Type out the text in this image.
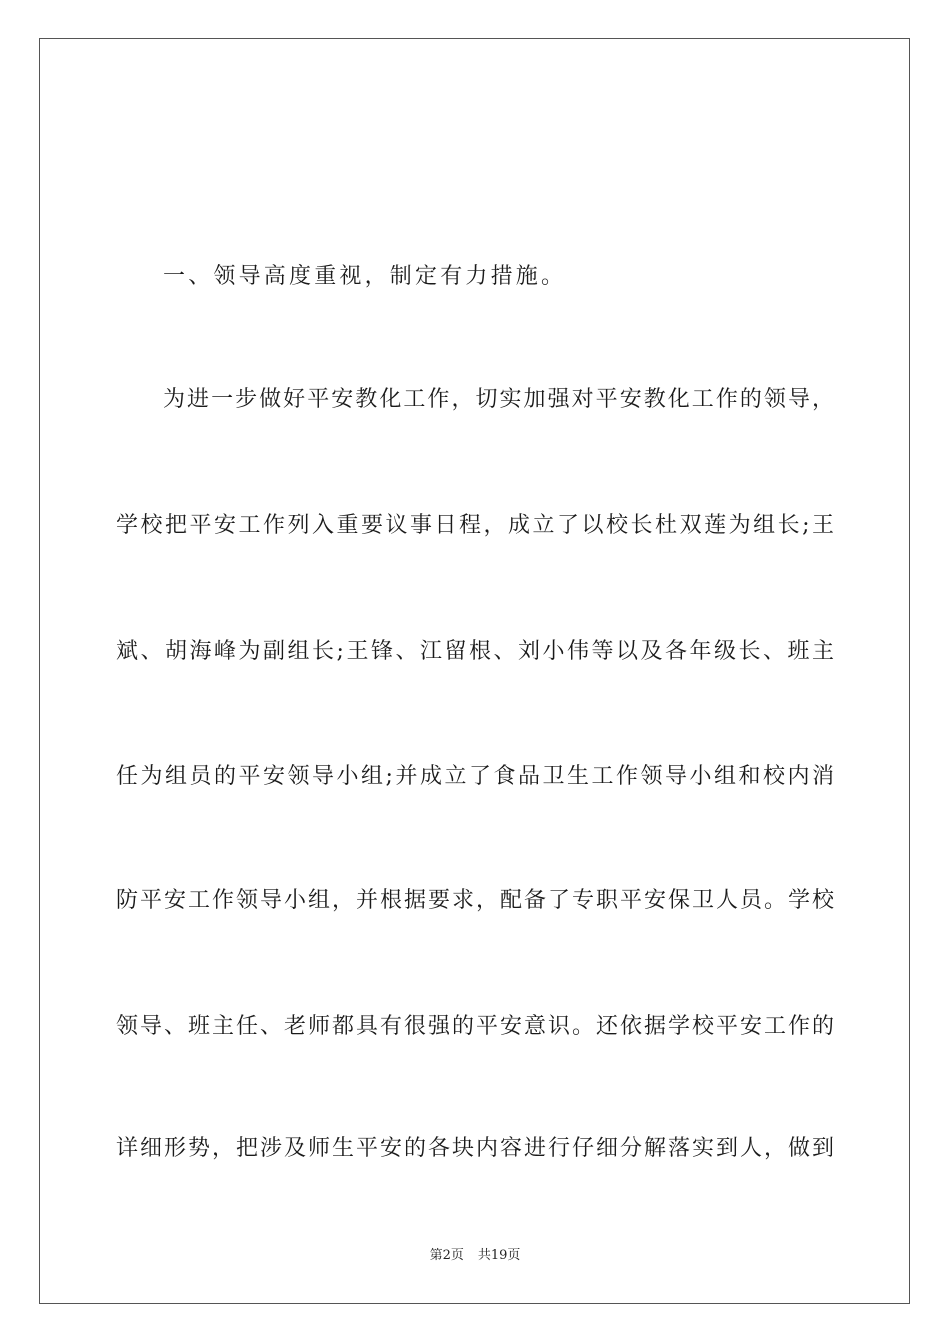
一、领导高度重视，制定有力措施。
为进一步做好平安教化工作，切实加强对平安教化工作的领导，
学校把平安工作列入重要议事日程，成立了以校长杜双莲为组长;王
斌、胡海峰为副组长;王锋、江留根、刘小伟等以及各年级长、班主
任为组员的平安领导小组;并成立了食品卫生工作领导小组和校内消
防平安工作领导小组，并根据要求，配备了专职平安保卫人员。学校
领导、班主任、老师都具有很强的平安意识。还依据学校平安工作的
详细形势，把涉及师生平安的各块内容进行仔细分解落实到人，做到
第2页 共19页
